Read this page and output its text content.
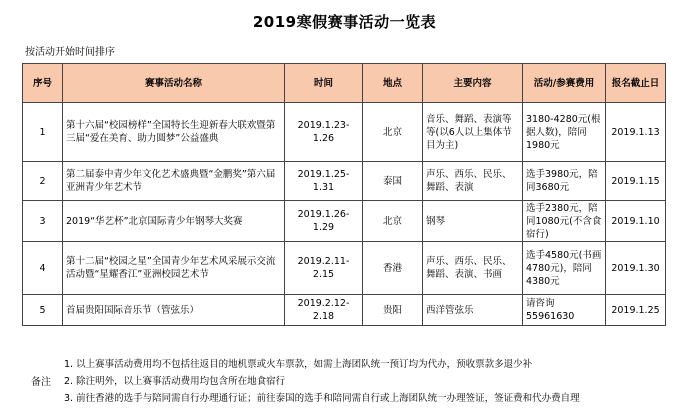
2019寒假赛事活动一览表
按活动开始时间排序
序号	赛事活动名称	时间	地点	主要内容	活动/参赛费用	报名截止日
1	第十六届“校园榜样”全国特长生迎新春大联欢暨第三届“爱在美育、助力圆梦”公益盛典	2019.1.23-1.26	北京	音乐、舞蹈、表演等等(以6人以上集体节目为主)	3180-4280元(根据人数)，陪同1980元	2019.1.13
2	第二届泰中青少年文化艺术盛典暨“金鹏奖”第六届亚洲青少年艺术节	2019.1.25-1.31	泰国	声乐、西乐、民乐、舞蹈、表演	选手3980元，陪同3680元	2019.1.15
3	2019“华艺杯”北京国际青少年钢琴大奖赛	2019.1.26-1.29	北京	钢琴	选手2380元，陪同1080元(不含食宿行)	2019.1.10
4	第十二届“校园之星”全国青少年艺术风采展示交流活动暨“星耀香江”亚洲校园艺术节	2019.2.11-2.15	香港	声乐、西乐、民乐、舞蹈、表演、书画	选手4580元(书画4780元)，陪同4380元	2019.1.30
5	首届贵阳国际音乐节（管弦乐）	2019.2.12-2.18	贵阳	西洋管弦乐	请咨询55961630	2019.1.25
备注
1. 以上赛事活动费用均不包括往返目的地机票或火车票款，如需上海团队统一预订均为代办，预收票款多退少补
2. 除注明外，以上赛事活动费用均包含所在地食宿行
3. 前往香港的选手与陪同需自行办理通行证；前往泰国的选手和陪同需自行或上海团队统一办理签证，签证费和代办费自理
